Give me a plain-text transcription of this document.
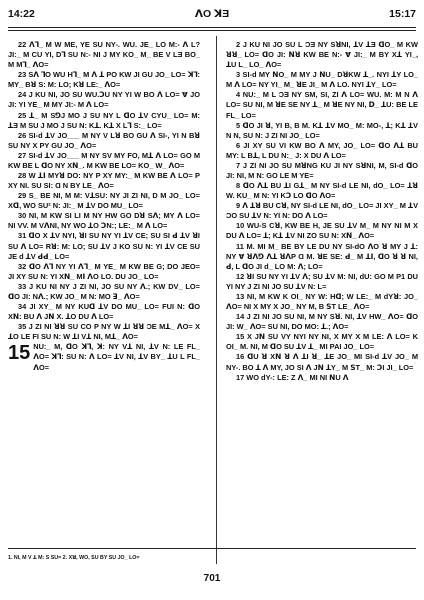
14:22	ꓥO ꓘƎ	15:17

22 ꓥꓶ_ M W ME, YE SU NY-. WU. JE_ LO M:- ꓥ L? JI:_ M CU YI, Dꓶ SU N:- NI J MY KO_ M_ BE V LƎ BO_ M Mꓶ_ ꓥO=

23 Sꓥ ꓶO WU Hꓶ_ M ꓥ ꓕ PO KW JI GU JO_ LO= ꓘꓶ: MY_ Bꓤ S: M: LO; Kꓤ LE:_ ꓥO=

24 J KU NI, JO SU WU.ꓛU NY YI W BO ꓥ LO= Ɐ JO JI: YI YE_ M MY JI:- M ꓥ LO=

25 ꓕ_ M SꓨJ MO J SU NY L ꓷO ꓕV CYU_ LO= M: ꓕƎ M SU J MO J SU N: Kꓕ. Kꓕ X Lꓶ S:_ LO=

26 SI-d ꓕV JO___ M NY V Lꓤ BO GU ꓥ SI-, YI N Bꓤ SU NY X PY GU JO_ ꓥO=

27 SI-d ꓕV JO___ M NY SV MY FO, Mꓕ ꓥ LO= GO M KW BE L ꓷO NY Xꓠ_. M KW BE LO= KO_ W_ ꓥO=

28 W ꓕꓲ MYꓤ DO: NY P XY MY:_ M KW BE ꓥ LO= P XY NI. SU SI: Ɑ N BY LE_ ꓥO=

29 S_ BE NI, M M: VꓕSU: NY JI ZI NI, D M JO_ LO= Xꓷ, WO SU² N: JI:_ M ꓕV DO MU_ LO=

30 NI, M KW SI LI M NY HW GO Dꓤ Sꓥ; MY ꓥ LO= NI VV. M VꓥNI, NY WO ꓕO ꓛN:; LE:_ M ꓥ LO=

31 ꓷO X ꓕV NYI, ꓤI SU NY YI ꓕV CE; SU SI ꓒ ꓕV ꓤI SU ꓥ LO= Rꓤ: M: LO; SU ꓕV J KO SU N: YI ꓕV CE SU JE d ꓕV ꓒꓒ_ LO=

32 ꓷO ꓥꓶ NY YI ꓥꓶ_ M YE_ M KW BE G; DO JEO= JI XY SU N: YI Xꓠ_ Mꓲ ꓥO LO. DU JO_ LO=

33 J KU NI NY J ZI NI, JO SU NY ꓥ.; KW DV_ LO= ꓷO JI: Nꓥ.; KW JO_ M N: MO ꓱ_ ꓥO=

34 JI XY_ M NY KUꓷ ꓕV DO MU_ LO= FUI N: ꓷO Xꓠ: BU ꓥ Jꓠ X. ꓕO DU ꓥ LO=

35 J ZI NI ꓤꓤ SU CO P NY W ꓕI ꓤꓤ ƆE Mꓕ_ ꓥO= X ꓕO LE FI SU N: W ꓕI Vꓕ NI, Mꓕ_ ꓥO=

15 NU:_ M, ꓷO ꓘꓶ, ꓘ: NY Vꓕ NI, ꓕV N: LE FL_ ꓥO= ꓘꓶ: SU N: ꓥ LO= ꓕV NI, ꓕV BY_ ꓕU L FL_ ꓥO=

2 J KU NI JO SU L ƆƎ NY SꓤNI, ꓕV ꓕƎ ꓷO_ M KW ꓤꓤ_ LO= ꓷO JI: ꓠꓤ KW BE N:- Ɐ JI:_ M BY Xꓕ YI_, ꓕU L_ LO_ ꓥO=

3 SI-d MY ꓠO_ M MY J ꓠU_ DꓤKW ꓕ_. NYI ꓕY LO_ M ꓥ LO= NY YI_ M_ ꓤE JI_ M ꓥ LO. NYI ꓕY_ LO=

4 NU:_ M L ƆƎ NY SM, SI, ZI ꓥ LO= WU. M: M N ꓥ LO= SU NI, M ꓤE SE NY ꓕ_ M ꓤE NY NI, ꓓ_ ꓕU: BE LE FL_ LO=

5 ꓷO JI ꓤ, YI B, B M. Kꓕ ꓕV MO_ M: MO-, ꓕ; Kꓕ ꓕV N N, SU N: J ZI NI JO_ LO=

6 JI XY SU VI KW BO ꓥ MY, JO_ LO= ꓷO ꓥꓕ BU MY: L Bꓕ, L DU N:_ J: X DU ꓥ LO=

7 J ZI NI JO SU MꓤNG KU JI NY SꓤNI, M, SI-d ꓷO JI: NI, M N: GO LE M YE=

8 ꓷO ꓥꓕ BU ꓕI Gꓕ_ M NY SI-d LE NI, dO_ LO= ꓕꓤ W. KU_ M N: YI Kꓛ LO ꓷO ꓥO=

9 ꓥ ꓕꓤ BU Cꓤ, NY SI-d LE NI, dO_ LO= JI XY_ M ꓕV ƆO SU ꓕV N: YI N: DO ꓥ LO=

10 WU-S Cꓤ, KW BE H, JE SU ꓕV M_ M NY NI M X DU ꓥ LO= ꓕ; Kꓕ ꓕV NI ZO SU N: Xꓠ_ ꓥO=

11 M. MI M_ BE BY LE DU NY SI-dO ꓥO ꓤ MY J ꓕ: NY Ɐ ꓤꓥꓨ ꓥꓕ ꓤꓥP Ɑ M. ꓤE SE: ꓒ_ M ꓕꓲ, ꓷO ꓤ ꓤ NI, ꓒ, L ꓷO JI d_ LO M: ꓥ; LO=

12 ꓤI SU NY YI ꓕV ꓥ; SU ꓕV M: NI, dU: GO M P1 DU YI NY J ZI NI JO SU ꓕV N: L=

13 NI, M KW K OI_ NY W: Hꓷ; W LE:_ M dYꓤ: JO_ ꓥO= NI X MY X JO_ NY M, B ꓢT LE_ ꓥO=

14 J ZI NI JO SU NI, M NY Sꓤ. NI, ꓕV HW_ ꓥO= ꓷO JI: W_ ꓥO= SU NI, DO MO: ꓕ.; ꓥO=

15 X Jꓠ SU VY NYI NY NI, X MY X M LE: ꓥ LO= K OI_ M. NI, M ꓷO SU ꓕV ꓕ_ MI PAI JO_ LO=

16 ꓷU ꓤ Xꓠ ꓤ ꓥ ꓕI ꓤ_ ꓕE JO_ MI SI-d ꓕV JO_ M NY-. BO ꓕ ꓥ MY, JO SI ꓥ Jꓠ ꓕY_ M ꓢT_ M: ꓛI JI_ LO=

17 WO dY-: LE: Z ꓥ_ MI NI ꓠU ꓥ

1. NI, M V ꓕ M: S SU= 2. Xꓤ, WO, SU BY SU JO_ LO=
701
